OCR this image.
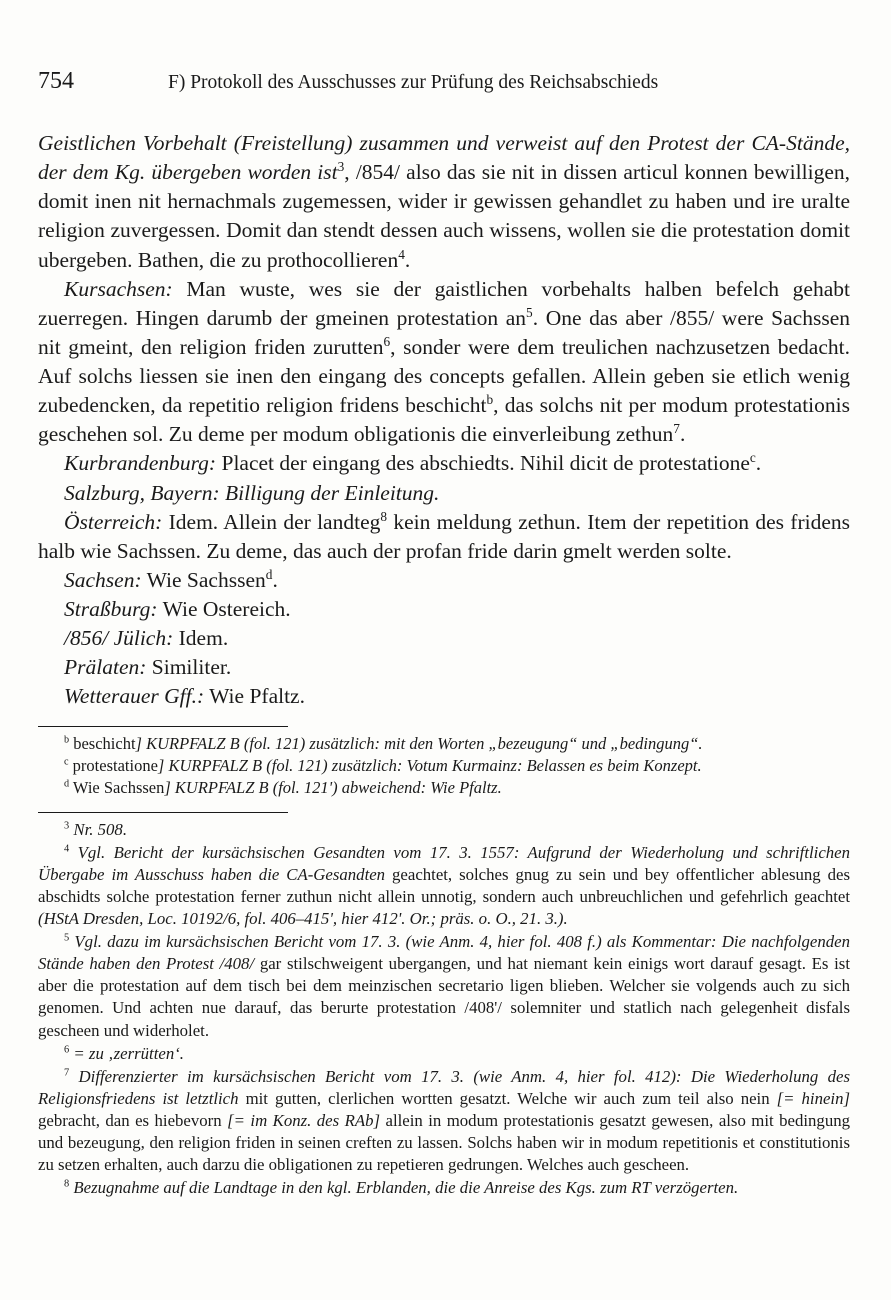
754	F) Protokoll des Ausschusses zur Prüfung des Reichsabschieds

Geistlichen Vorbehalt (Freistellung) zusammen und verweist auf den Protest der CA-Stände, der dem Kg. übergeben worden ist$^3$, /854/ also das sie nit in dissen articul konnen bewilligen, domit inen nit hernachmals zugemessen, wider ir gewissen gehandlet zu haben und ire uralte religion zuvergessen. Domit dan stendt dessen auch wissens, wollen sie die protestation domit ubergeben. Bathen, die zu prothocollieren$^4$.

Kursachsen: Man wuste, wes sie der gaistlichen vorbehalts halben befelch gehabt zuerregen. Hingen darumb der gmeinen protestation $an^5$. One das aber /855/ were Sachssen nit gmeint, den religion friden zurutten$^6$, sonder were dem treulichen nachzusetzen bedacht. Auf solchs liessen sie inen den eingang des concepts gefallen. Allein geben sie etlich wenig zubedencken, da repetitio religion fridens beschicht$^b$, das solchs nit per modum protestationis geschehen sol. Zu deme per modum obligationis die einverleibung zethun$^7$.

Kurbrandenburg: Placet der eingang des abschiedts. Nihil dicit de protestatione$^c$.

Salzburg, Bayern: Billigung der Einleitung.

Österreich: Idem. Allein der landteg$^8$ kein meldung zethun. Item der repetition des fridens halb wie Sachssen. Zu deme, das auch der profan fride darin gmelt werden solte.

Sachsen: Wie Sachssen$^d$.

Straßburg: Wie Ostereich.

/856/ Jülich: Idem.

Prälaten: Similiter.

Wetterauer Gff.: Wie Pfaltz.

$^b$ beschicht] KURPFALZ B (fol. 121) zusätzlich: mit den Worten „bezeugung“ und „bedingung“.

$^c$ protestatione] KURPFALZ B (fol. 121) zusätzlich: Votum Kurmainz: Belassen es beim Konzept.

$^d$ Wie Sachssen] KURPFALZ B (fol. 121') abweichend: Wie Pfaltz.

$^3$ Nr. 508.

$^4$ Vgl. Bericht der kursächsischen Gesandten vom 17. 3. 1557: Aufgrund der Wiederholung und schriftlichen Übergabe im Ausschuss haben die CA-Gesandten geachtet, solches gnug zu sein und bey offentlicher ablesung des abschidts solche protestation ferner zuthun nicht allein unnotig, sondern auch unbreuchlichen und gefehrlich geachtet (HStA Dresden, Loc. 10192/6, fol. 406–415', hier 412'. Or.; präs. o. O., 21. 3.).

$^5$ Vgl. dazu im kursächsischen Bericht vom 17. 3. (wie Anm. 4, hier fol. 408 f.) als Kommentar: Die nachfolgenden Stände haben den Protest /408/ gar stilschweigent ubergangen, und hat niemant kein einigs wort darauf gesagt. Es ist aber die protestation auf dem tisch bei dem meinzischen secretario ligen blieben. Welcher sie volgends auch zu sich genomen. Und achten nue darauf, das berurte protestation /408'/ solemniter und statlich nach gelegenheit disfals gescheen und widerholet.

$^6$ = zu ‚zerrütten‘.

$^7$ Differenzierter im kursächsischen Bericht vom 17. 3. (wie Anm. 4, hier fol. 412): Die Wiederholung des Religionsfriedens ist letztlich mit gutten, clerlichen wortten gesatzt. Welche wir auch zum teil also nein [= hinein] gebracht, dan es hiebevorn [= im Konz. des RAb] allein in modum protestationis gesatzt gewesen, also mit bedingung und bezeugung, den religion friden in seinen creften zu lassen. Solchs haben wir in modum repetitionis et constitutionis zu setzen erhalten, auch darzu die obligationen zu repetieren gedrungen. Welches auch gescheen.

$^8$ Bezugnahme auf die Landtage in den kgl. Erblanden, die die Anreise des Kgs. zum RT verzögerten.
